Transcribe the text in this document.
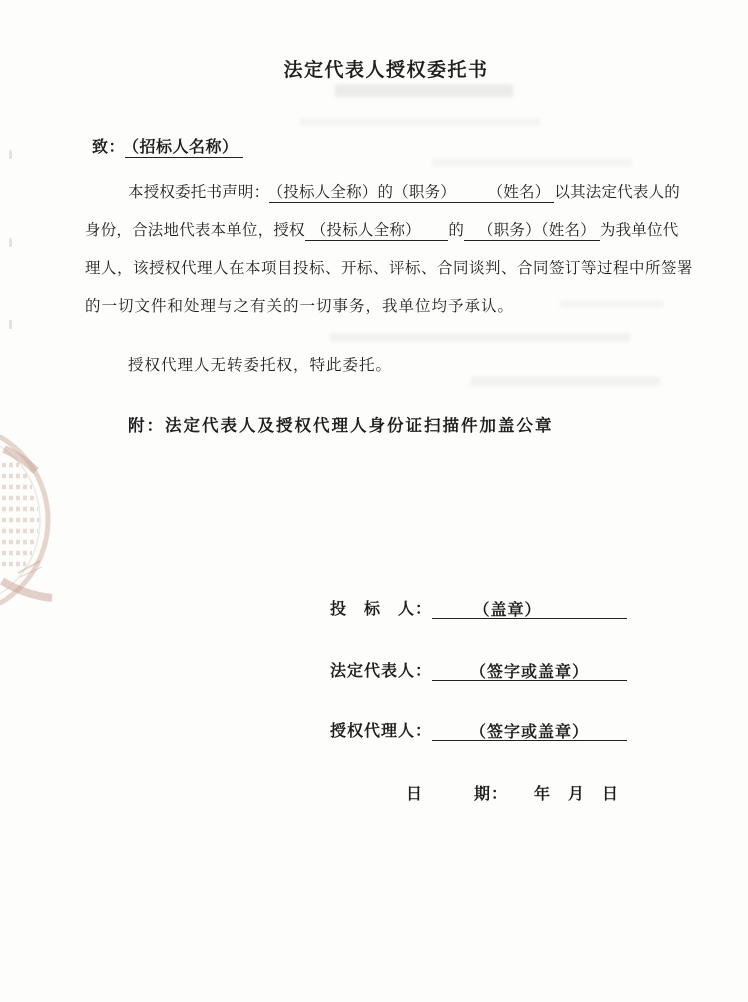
法定代表人授权委托书
致： （招标人名称）
本授权委托书声明： （投标人全称）的（职务）　　　（姓名） 以其法定代表人的
身份，合法地代表本单位，授权 （投标人全称）　　的　（职务）（姓名） 为我单位代
理人，该授权代理人在本项目投标、开标、评标、合同谈判、合同签订等过程中所签署
的一切文件和处理与之有关的一切事务，我单位均予承认。
授权代理人无转委托权，特此委托。
附：法定代表人及授权代理人身份证扫描件加盖公章
投　标　人：	（盖章）
法定代表人： （签字或盖章）
授权代理人： （签字或盖章）
日　　　期：　　年　月　日
